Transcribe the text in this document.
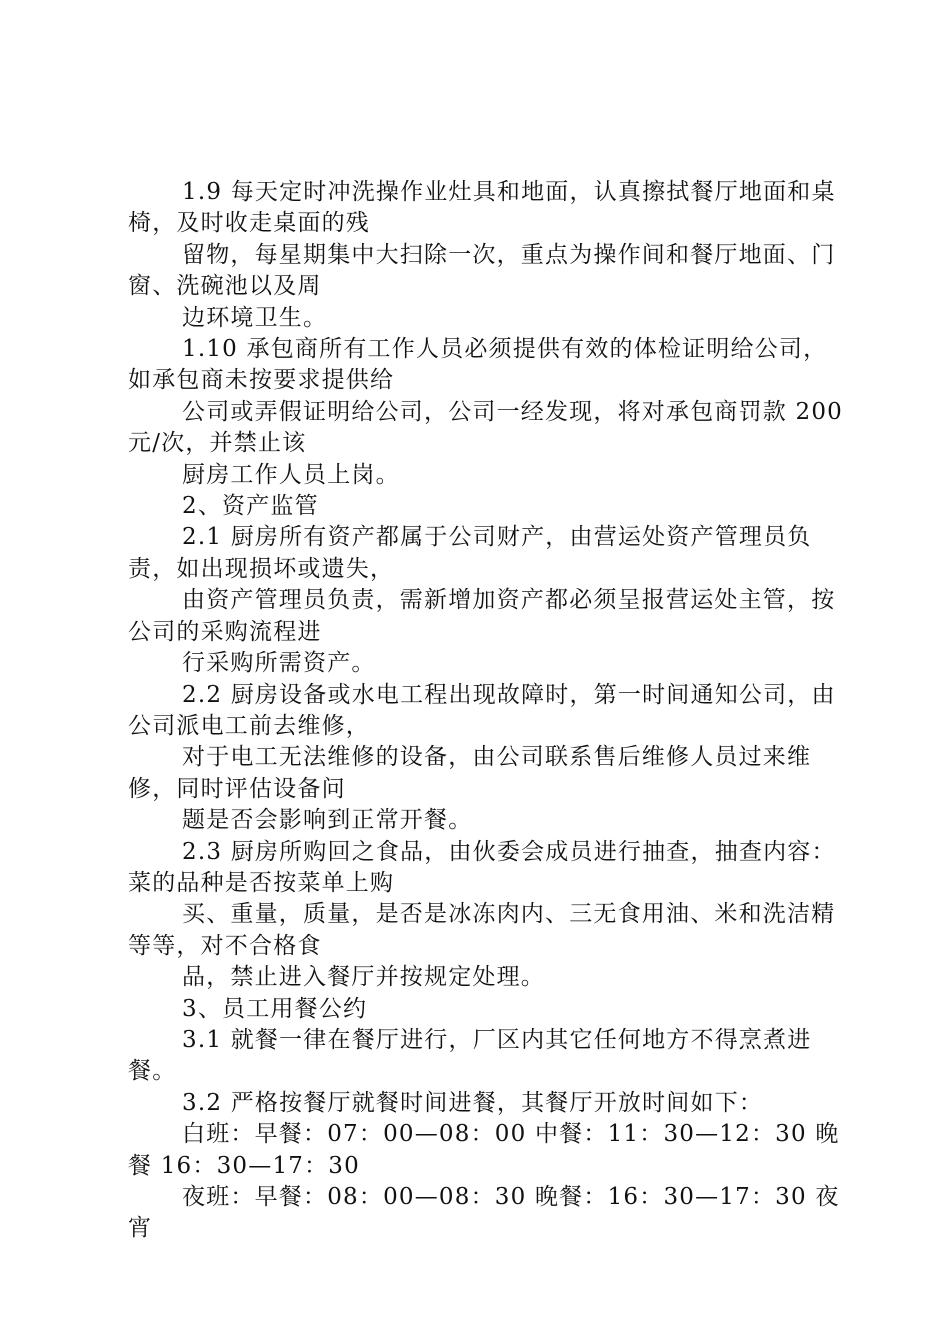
1.9 每天定时冲洗操作业灶具和地面，认真擦拭餐厅地面和桌椅，及时收走桌面的残

留物，每星期集中大扫除一次，重点为操作间和餐厅地面、门窗、洗碗池以及周

边环境卫生。

1.10 承包商所有工作人员必须提供有效的体检证明给公司，如承包商未按要求提供给

公司或弄假证明给公司，公司一经发现，将对承包商罚款 200 元/次，并禁止该

厨房工作人员上岗。

2、资产监管

2.1 厨房所有资产都属于公司财产，由营运处资产管理员负责，如出现损坏或遗失，

由资产管理员负责，需新增加资产都必须呈报营运处主管，按公司的采购流程进

行采购所需资产。

2.2 厨房设备或水电工程出现故障时，第一时间通知公司，由公司派电工前去维修，

对于电工无法维修的设备，由公司联系售后维修人员过来维修，同时评估设备问

题是否会影响到正常开餐。

2.3 厨房所购回之食品，由伙委会成员进行抽查，抽查内容：菜的品种是否按菜单上购

买、重量，质量，是否是冰冻肉内、三无食用油、米和洗洁精等等，对不合格食

品，禁止进入餐厅并按规定处理。

3、员工用餐公约

3.1 就餐一律在餐厅进行，厂区内其它任何地方不得烹煮进餐。

3.2 严格按餐厅就餐时间进餐，其餐厅开放时间如下：

白班：早餐：07：00—08：00 中餐：11：30—12：30 晚餐 16：30—17：30

夜班：早餐：08：00—08：30 晚餐：16：30—17：30 夜宵
